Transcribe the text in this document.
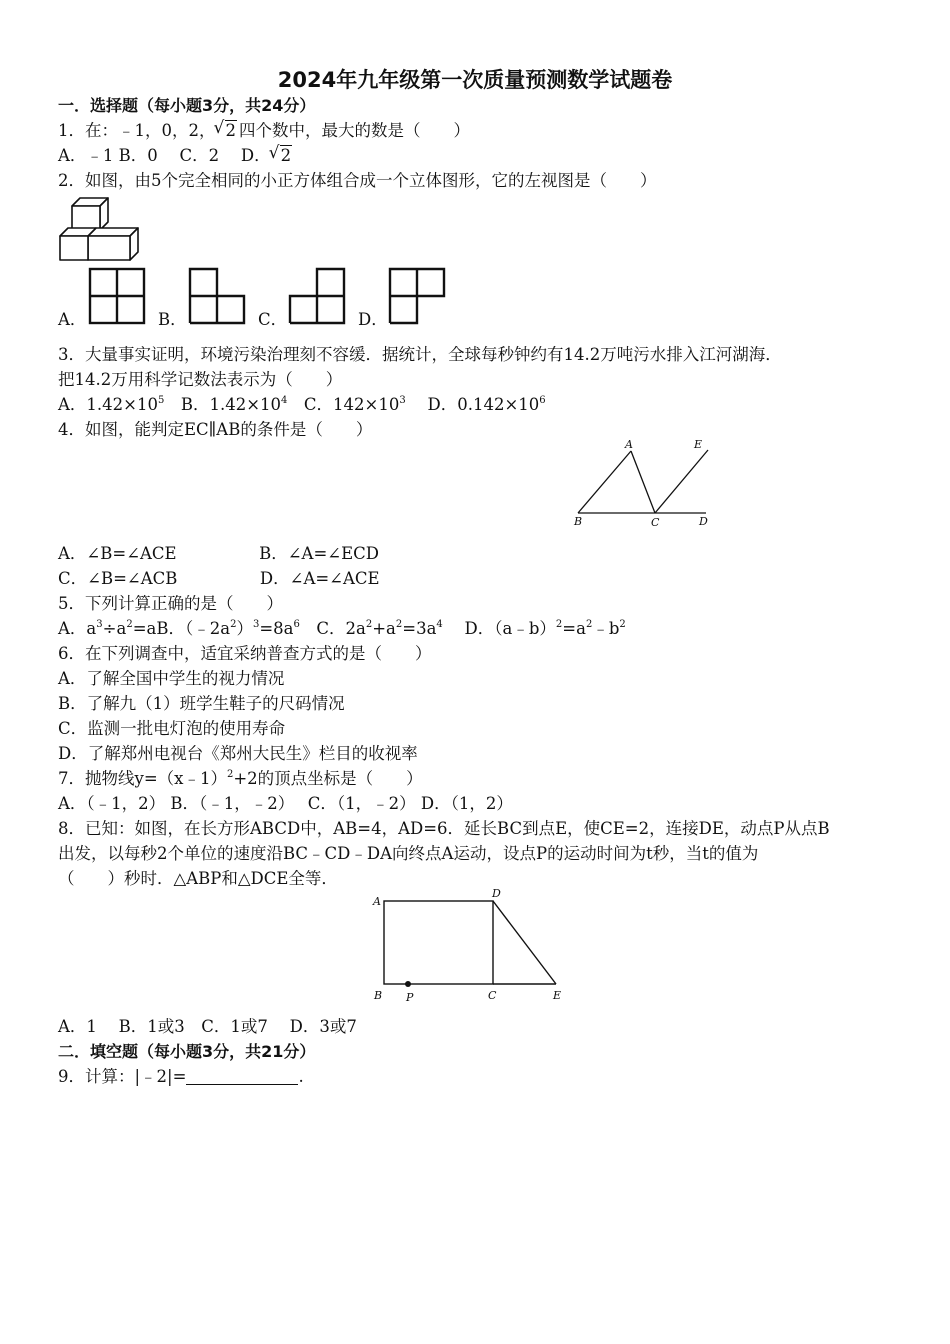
2024年九年级第一次质量预测数学试题卷
一．选择题（每小题3分，共24分）
1．在：﹣1，0，2， √ 2 四个数中，最大的数是（　　）
A．﹣1 B．0　 C．2　 D． √ 2
2．如图，由5个完全相同的小正方体组合成一个立体图形，它的左视图是（　　）
A．	B．	C．	D．
3．大量事实证明，环境污染治理刻不容缓．据统计，全球每秒钟约有14.2万吨污水排入江河湖海．
把14.2万用科学记数法表示为（　　）
A．$1.42\times 10^5$　B．$1.42\times 10^4$　C．$142\times 10^3$　 D．$0.142\times 10^6$
4．如图，能判定EC∥AB的条件是（　　）
A	E
B	C	D
A．∠B=∠ACE　　　　　B．∠A=∠ECD
C．∠B=∠ACB　　　　　D．∠A=∠ACE
5．下列计算正确的是（　　）
A．$a^3\div a^2=aB$．$(﹣2a^2)^3=8a^6$　C．$2a^2+a^2=3a^4$　 D．$(a﹣b)^2=a^2﹣b^2$
6．在下列调查中，适宜采纳普查方式的是（　　）
A．了解全国中学生的视力情况
B．了解九（1）班学生鞋子的尺码情况
C．监测一批电灯泡的使用寿命
D．了解郑州电视台《郑州大民生》栏目的收视率
7．抛物线y=（x﹣1）$^2$+2的顶点坐标是（　　）
A．（﹣1，2） B．（﹣1，﹣2）　 C．（1，﹣2） D．（1，2）
8．已知：如图，在长方形ABCD中，AB=4，AD=6．延长BC到点E，使CE=2，连接DE，动点P从点B
出发，以每秒2个单位的速度沿BC﹣CD﹣DA向终点A运动，设点P的运动时间为t秒，当t的值为
（　　）秒时．△ABP和△DCE全等．
A
D
B P	C	E
A．1　 B．1或3　C．1或7　 D．3或7
二．填空题（每小题3分，共21分）
9．计算：|﹣2|=	.
